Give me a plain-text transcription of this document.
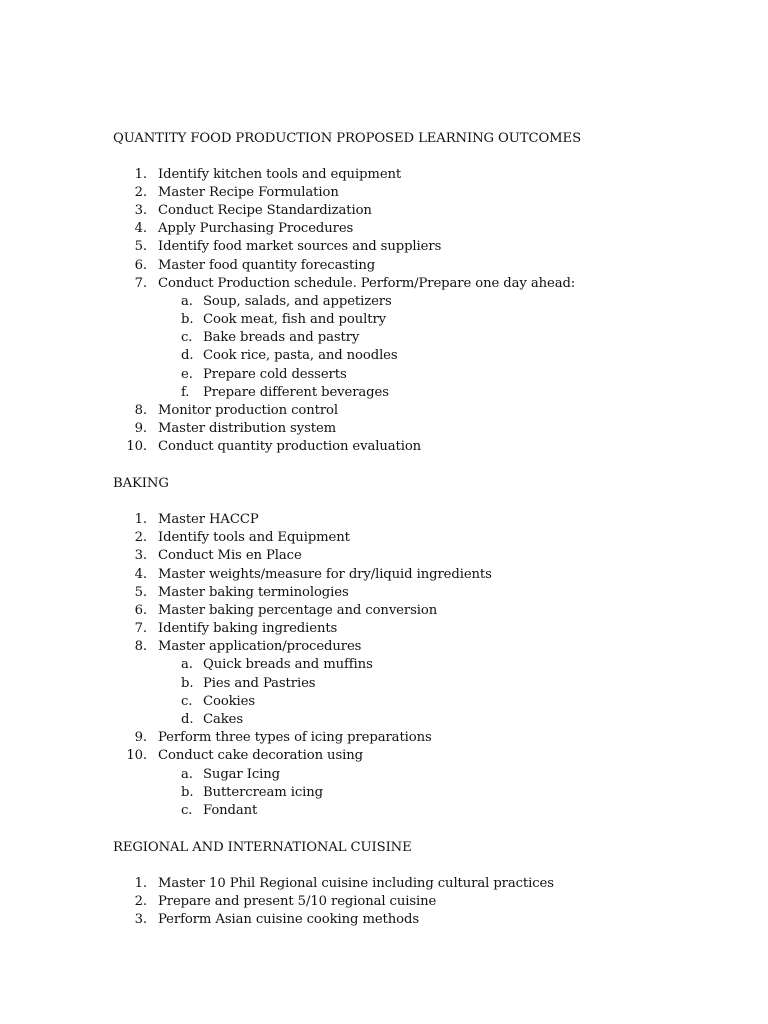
QUANTITY FOOD PRODUCTION PROPOSED LEARNING OUTCOMES
1. Identify kitchen tools and equipment
2. Master Recipe Formulation
3. Conduct Recipe Standardization
4. Apply Purchasing Procedures
5. Identify food market sources and suppliers
6. Master food quantity forecasting
7. Conduct Production schedule. Perform/Prepare one day ahead:
a. Soup, salads, and appetizers
b. Cook meat, fish and poultry
c. Bake breads and pastry
d. Cook rice, pasta, and noodles
e. Prepare cold desserts
f.	Prepare different beverages
8. Monitor production control
9. Master distribution system
10. Conduct quantity production evaluation
BAKING
1. Master HACCP
2. Identify tools and Equipment
3. Conduct Mis en Place
4. Master weights/measure for dry/liquid ingredients
5. Master baking terminologies
6. Master baking percentage and conversion
7. Identify baking ingredients
8. Master application/procedures
a. Quick breads and muffins
b. Pies and Pastries
c. Cookies
d. Cakes
9. Perform three types of icing preparations
10. Conduct cake decoration using
a. Sugar Icing
b. Buttercream icing
c. Fondant
REGIONAL AND INTERNATIONAL CUISINE
1. Master 10 Phil Regional cuisine including cultural practices
2. Prepare and present 5/10 regional cuisine
3. Perform Asian cuisine cooking methods
